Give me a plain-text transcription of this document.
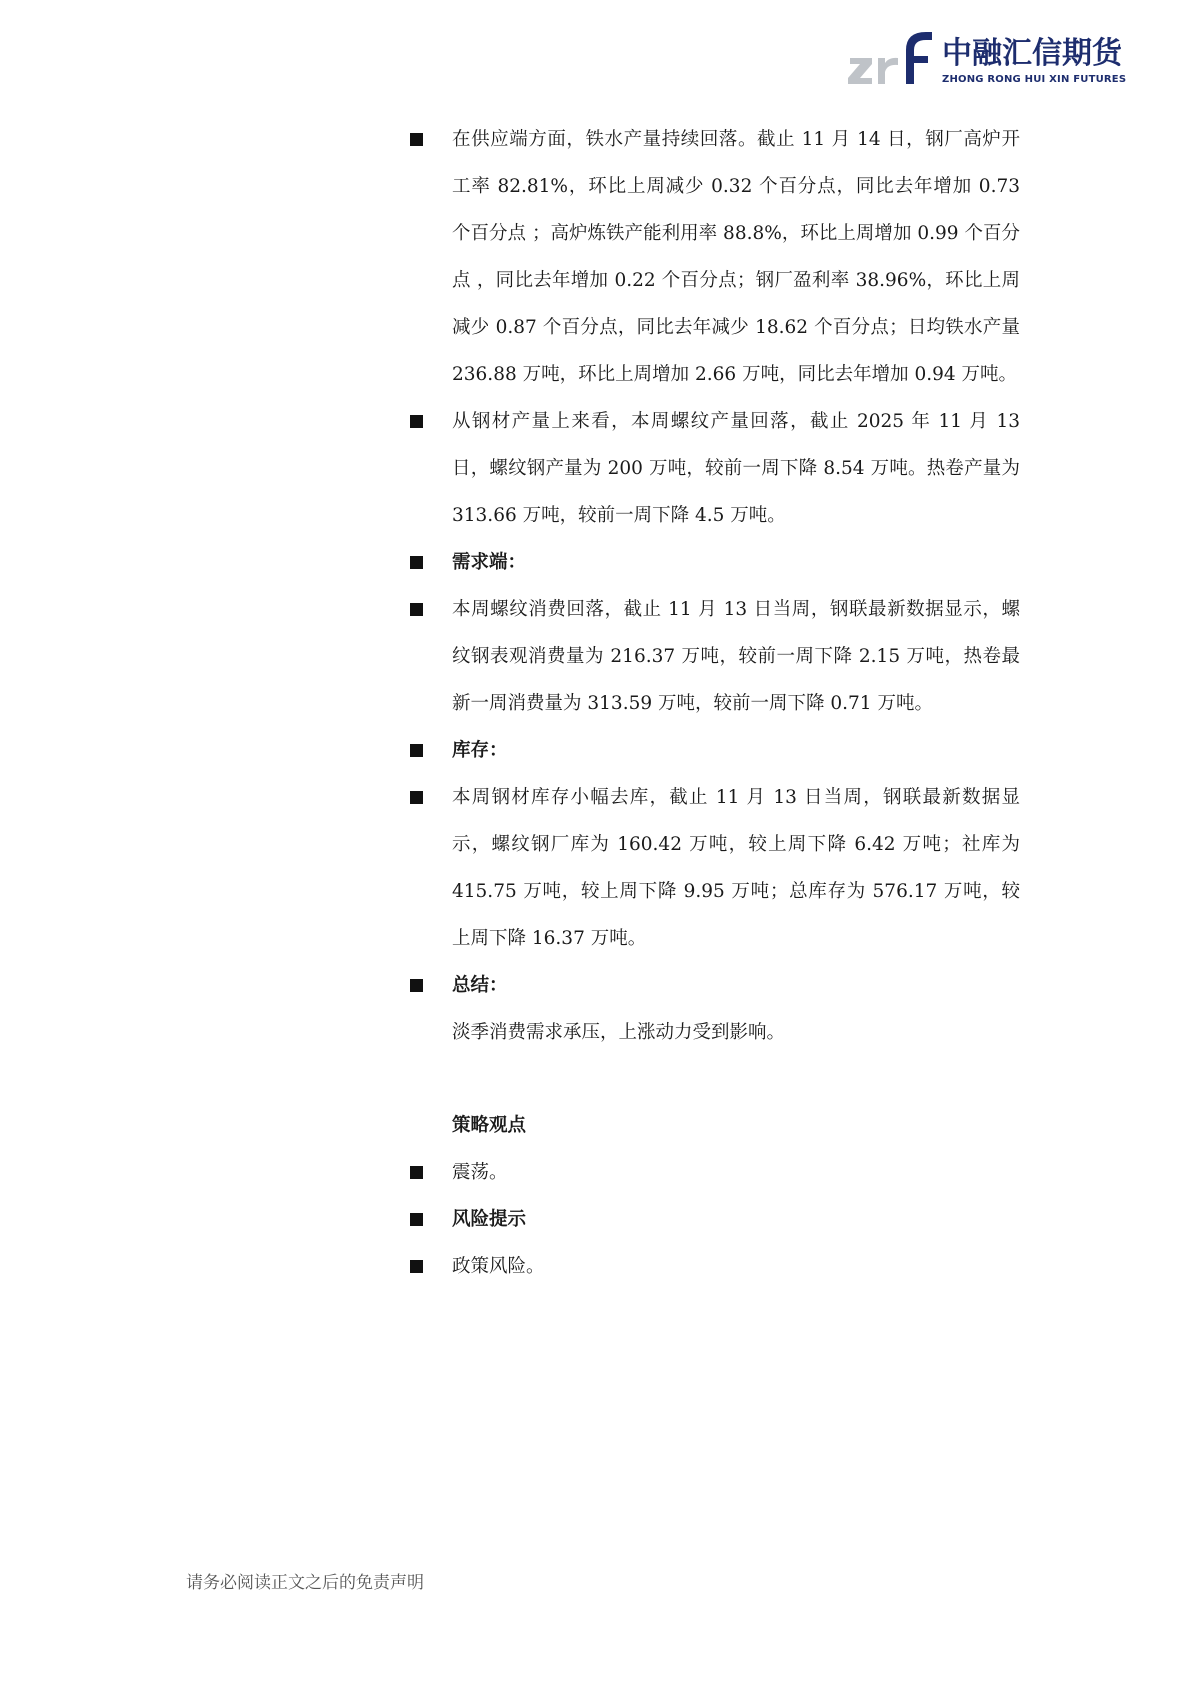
中融汇信期货
ZHONG RONG HUI XIN FUTURES
在供应端方面，铁水产量持续回落。截止 11 月 14 日，钢厂高炉开工率 82.81%，环比上周减少 0.32 个百分点，同比去年增加 0.73 个百分点 ；高炉炼铁产能利用率 88.8%，环比上周增加 0.99 个百分点 ，同比去年增加 0.22 个百分点；钢厂盈利率 38.96%，环比上周减少 0.87 个百分点，同比去年减少 18.62 个百分点；日均铁水产量 236.88 万吨，环比上周增加 2.66 万吨，同比去年增加 0.94 万吨。
从钢材产量上来看，本周螺纹产量回落，截止 2025 年 11 月 13 日，螺纹钢产量为 200 万吨，较前一周下降 8.54 万吨。热卷产量为 313.66 万吨，较前一周下降 4.5 万吨。
需求端：
本周螺纹消费回落，截止 11 月 13 日当周，钢联最新数据显示，螺纹钢表观消费量为 216.37 万吨，较前一周下降 2.15 万吨，热卷最新一周消费量为 313.59 万吨，较前一周下降 0.71 万吨。
库存：
本周钢材库存小幅去库，截止 11 月 13 日当周，钢联最新数据显示，螺纹钢厂库为 160.42 万吨，较上周下降 6.42 万吨；社库为 415.75 万吨，较上周下降 9.95 万吨；总库存为 576.17 万吨，较上周下降 16.37 万吨。
总结：
淡季消费需求承压，上涨动力受到影响。
策略观点
震荡。
风险提示
政策风险。
请务必阅读正文之后的免责声明
